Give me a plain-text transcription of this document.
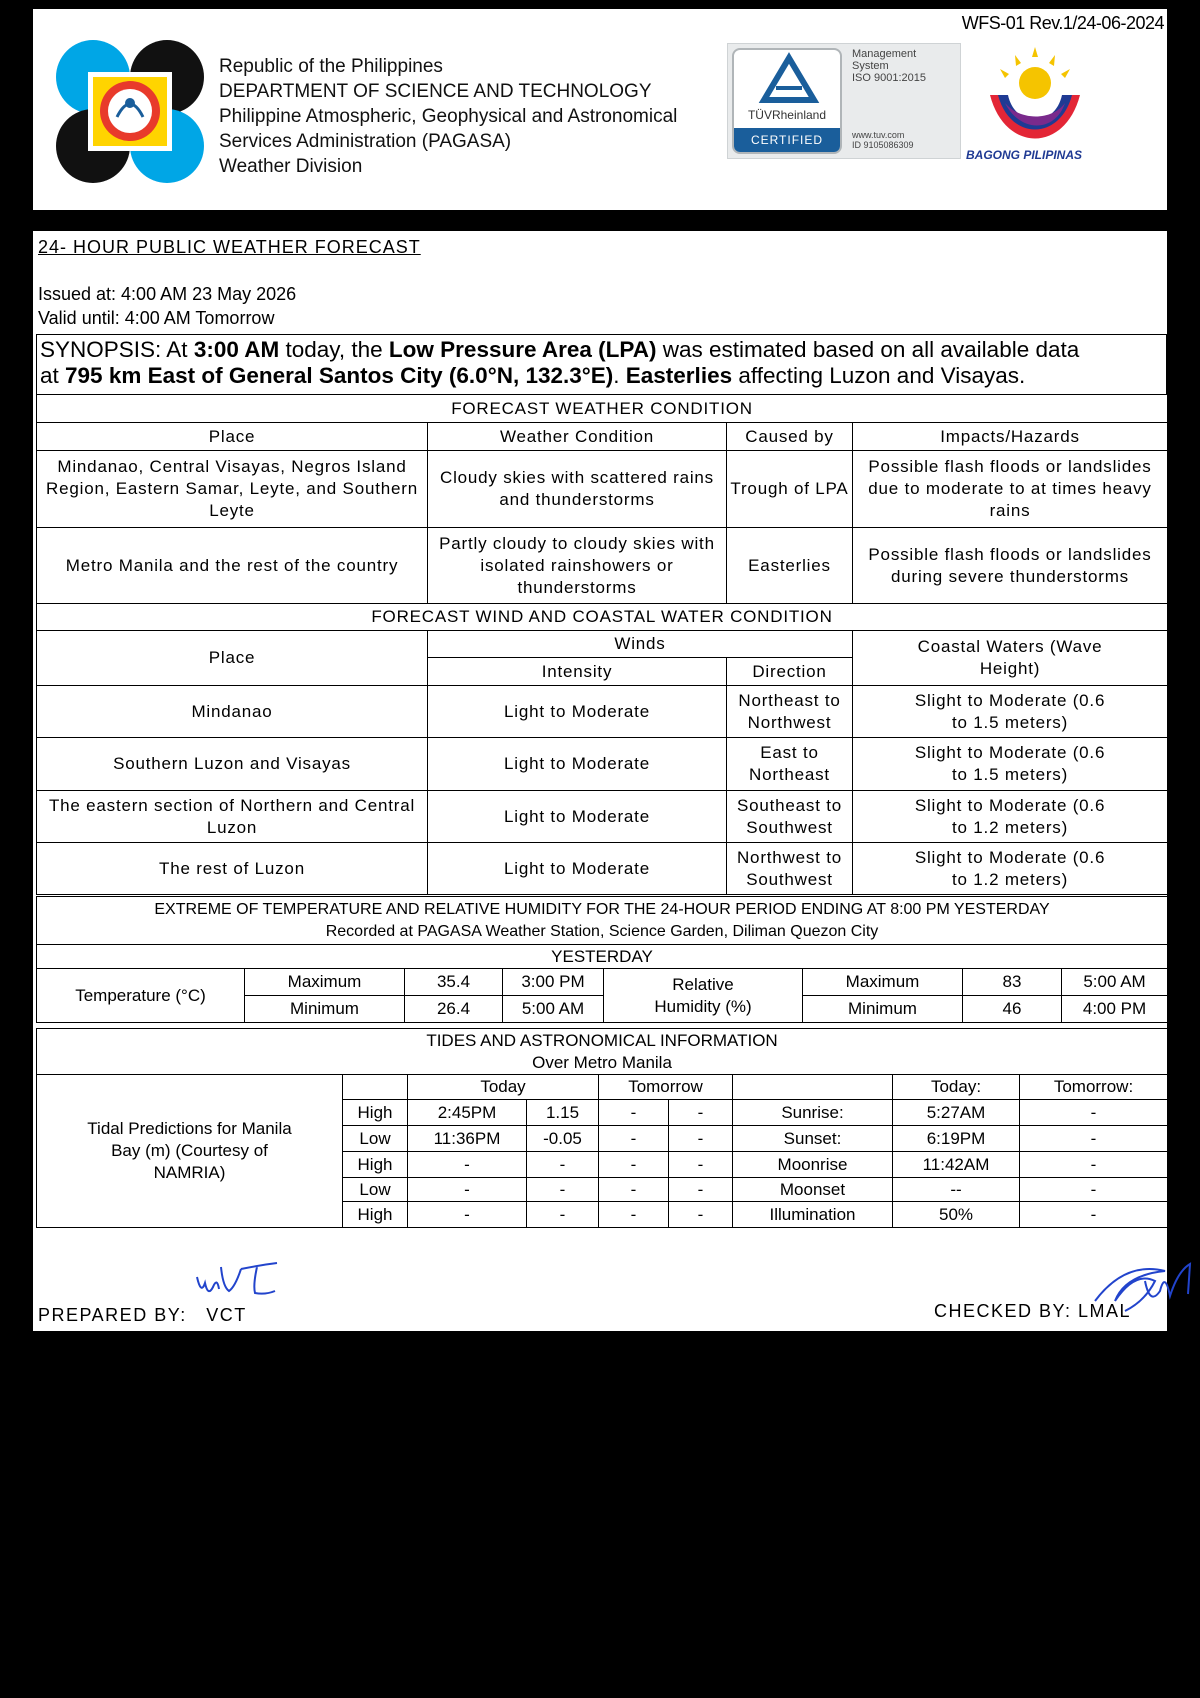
WFS-01 Rev.1/24-06-2024
Republic of the Philippines
DEPARTMENT OF SCIENCE AND TECHNOLOGY
Philippine Atmospheric, Geophysical and Astronomical
Services Administration (PAGASA)
Weather Division
TÜVRheinland
CERTIFIED
Management
System
ISO 9001:2015
www.tuv.com
ID 9105086309
BAGONG PILIPINAS
24- HOUR PUBLIC WEATHER FORECAST
Issued at: 4:00 AM 23 May 2026
Valid until: 4:00 AM Tomorrow
SYNOPSIS: At 3:00 AM today, the Low Pressure Area (LPA) was estimated based on all available data
at 795 km East of General Santos City (6.0°N, 132.3°E). Easterlies affecting Luzon and Visayas.
FORECAST WEATHER CONDITION			
Place	Weather Condition	Caused by	Impacts/Hazards
Mindanao, Central Visayas, Negros Island Region, Eastern Samar, Leyte, and Southern Leyte	Cloudy skies with scattered rains and thunderstorms	Trough of LPA	Possible flash floods or landslides due to moderate to at times heavy rains
Metro Manila and the rest of the country	Partly cloudy to cloudy skies with isolated rainshowers or thunderstorms	Easterlies	Possible flash floods or landslides during severe thunderstorms
FORECAST WIND AND COASTAL WATER CONDITION			
Place	Winds		Coastal Waters (Wave Height)
	Intensity	Direction	
Mindanao	Light to Moderate	Northeast to Northwest	Slight to Moderate (0.6 to 1.5 meters)
Southern Luzon and Visayas	Light to Moderate	East to Northeast	Slight to Moderate (0.6 to 1.5 meters)
The eastern section of Northern and Central Luzon	Light to Moderate	Southeast to Southwest	Slight to Moderate (0.6 to 1.2 meters)
The rest of Luzon	Light to Moderate	Northwest to Southwest	Slight to Moderate (0.6 to 1.2 meters)
EXTREME OF TEMPERATURE AND RELATIVE HUMIDITY FOR THE 24-HOUR PERIOD ENDING AT 8:00 PM YESTERDAY
Recorded at PAGASA Weather Station, Science Garden, Diliman Quezon City							

YESTERDAY							
Temperature (°C)	Maximum	35.4	3:00 PM	Relative Humidity (%)	Maximum	83	5:00 AM
	Minimum	26.4	5:00 AM		Minimum	46	4:00 PM
TIDES AND ASTRONOMICAL INFORMATION
Over Metro Manila								

Tidal Predictions for Manila Bay (m) (Courtesy of NAMRIA)		Today		Tomorrow			Today:	Tomorrow:
	High	2:45PM	1.15	-	-	Sunrise:	5:27AM	-
	Low	11:36PM	-0.05	-	-	Sunset:	6:19PM	-
	High	-	-	-	-	Moonrise	11:42AM	-
	Low	-	-	-	-	Moonset	--	-
	High	-	-	-	-	Illumination	50%	-
PREPARED BY:   VCT	CHECKED BY: LMAL
